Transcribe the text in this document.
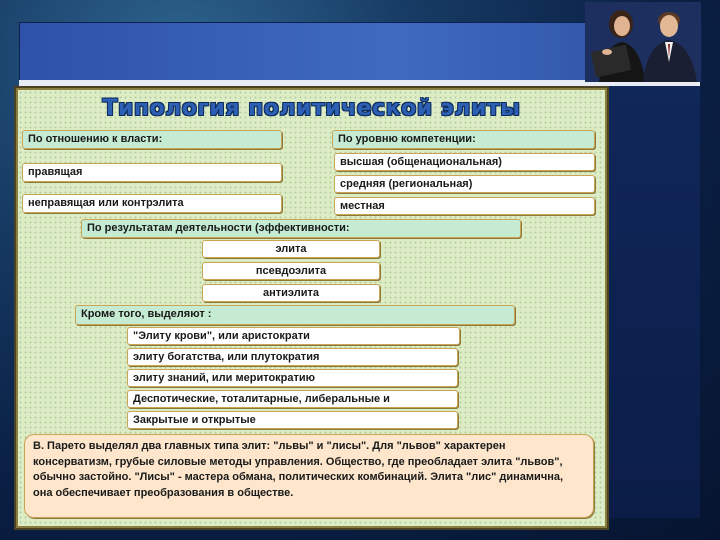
Типология политической элиты
По отношению к власти:
правящая
неправящая или контрэлита
По уровню компетенции:
высшая (общенациональная)
средняя (региональная)
местная
По результатам деятельности (эффективности:
элита
псевдоэлита
антиэлита
Кроме того, выделяют :
"Элиту крови", или аристократи
элиту богатства, или плутократия
элиту знаний, или меритократию
Деспотические, тоталитарные, либеральные и
Закрытые и открытые
В. Парето выделял два главных типа элит: "львы" и "лисы". Для "львов" характерен консерватизм, грубые силовые методы управления. Общество, где преобладает элита "львов", обычно застойно. "Лисы" - мастера обмана, политических комбинаций. Элита "лис" динамична, она обеспечивает преобразования в обществе.
